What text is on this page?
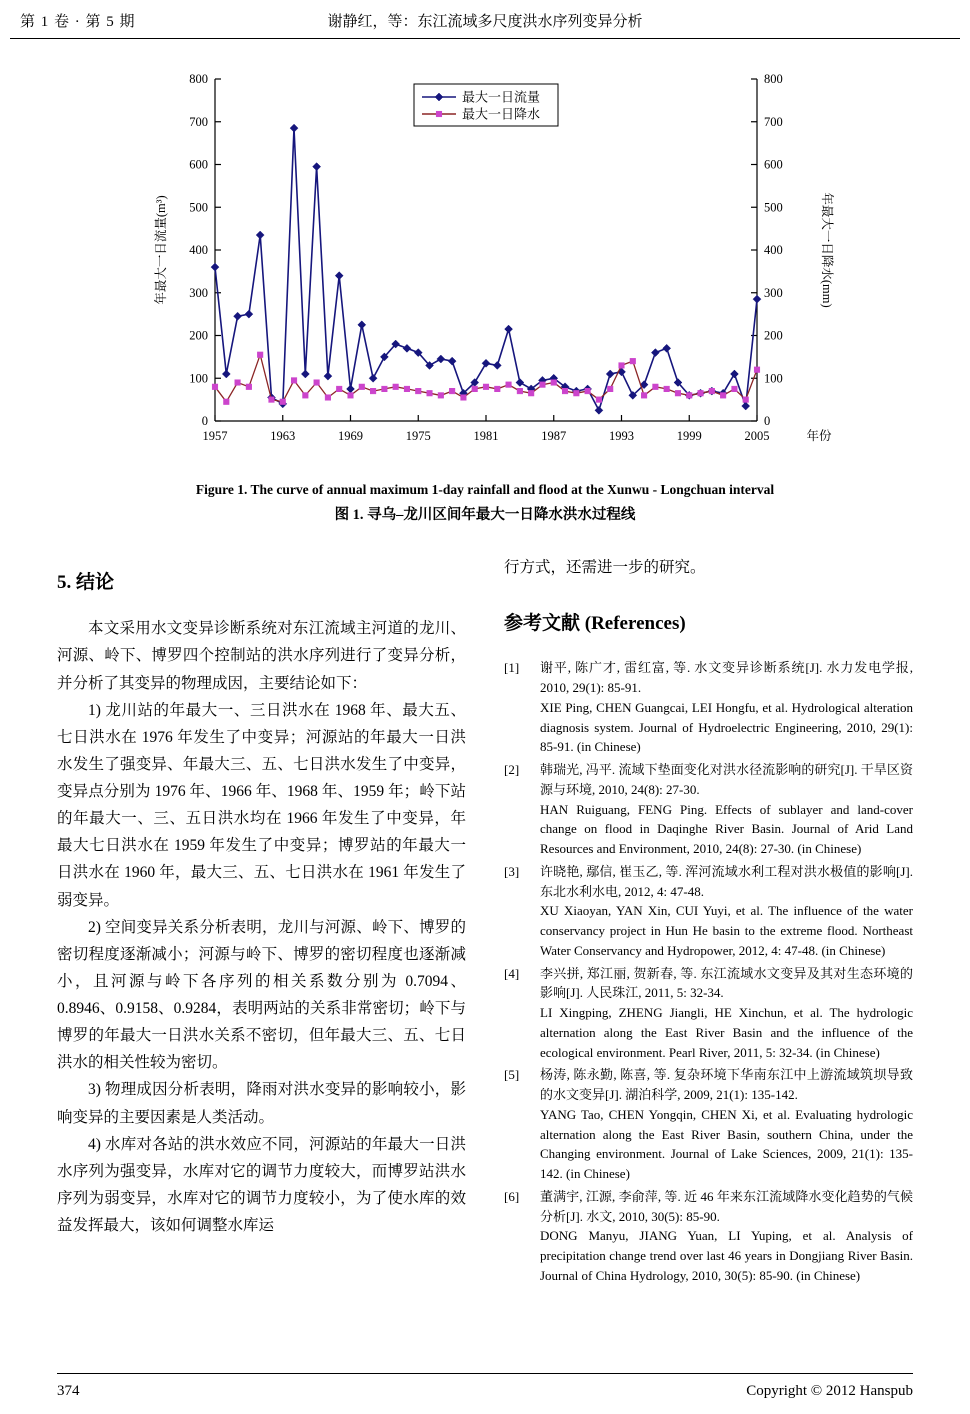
第 1 卷 · 第 5 期	谢静红，等：东江流域多尺度洪水序列变异分析
0	0
100	100
200	200
300	300
400	400
500	500
600	600
700	700
800	800
1957	1963	1969	1975	1981	1987	1993	1999	2005	年份
年最大一日流量(m³)	年最大一日降水(mm)
最大一日流量
最大一日降水
Figure 1. The curve of annual maximum 1-day rainfall and flood at the Xunwu - Longchuan interval
图 1. 寻乌–龙川区间年最大一日降水洪水过程线
5. 结论

本文采用水文变异诊断系统对东江流域主河道的龙川、河源、岭下、博罗四个控制站的洪水序列进行了变异分析，并分析了其变异的物理成因，主要结论如下：

1) 龙川站的年最大一、三日洪水在 1968 年、最大五、七日洪水在 1976 年发生了中变异；河源站的年最大一日洪水发生了强变异、年最大三、五、七日洪水发生了中变异，变异点分别为 1976 年、1966 年、1968 年、1959 年；岭下站的年最大一、三、五日洪水均在 1966 年发生了中变异，年最大七日洪水在 1959 年发生了中变异；博罗站的年最大一日洪水在 1960 年，最大三、五、七日洪水在 1961 年发生了弱变异。

2) 空间变异关系分析表明，龙川与河源、岭下、博罗的密切程度逐渐减小；河源与岭下、博罗的密切程度也逐渐减小，且河源与岭下各序列的相关系数分别为 0.7094、0.8946、0.9158、0.9284，表明两站的关系非常密切；岭下与博罗的年最大一日洪水关系不密切，但年最大三、五、七日洪水的相关性较为密切。

3) 物理成因分析表明，降雨对洪水变异的影响较小，影响变异的主要因素是人类活动。

4) 水库对各站的洪水效应不同，河源站的年最大一日洪水序列为强变异，水库对它的调节力度较大，而博罗站洪水序列为弱变异，水库对它的调节力度较小，为了使水库的效益发挥最大，该如何调整水库运

行方式，还需进一步的研究。

参考文献 (References)
[1]	谢平, 陈广才, 雷红富, 等. 水文变异诊断系统[J]. 水力发电学报, 2010, 29(1): 85-91.
XIE Ping, CHEN Guangcai, LEI Hongfu, et al. Hydrological alteration diagnosis system. Journal of Hydroelectric Engineering, 2010, 29(1): 85-91. (in Chinese)
[2]	韩瑞光, 冯平. 流域下垫面变化对洪水径流影响的研究[J]. 干旱区资源与环境, 2010, 24(8): 27-30.
HAN Ruiguang, FENG Ping. Effects of sublayer and land-cover change on flood in Daqinghe River Basin. Journal of Arid Land Resources and Environment, 2010, 24(8): 27-30. (in Chinese)
[3]	许晓艳, 鄢信, 崔玉乙, 等. 浑河流域水利工程对洪水极值的影响[J]. 东北水利水电, 2012, 4: 47-48.
XU Xiaoyan, YAN Xin, CUI Yuyi, et al. The influence of the water conservancy project in Hun He basin to the extreme flood. Northeast Water Conservancy and Hydropower, 2012, 4: 47-48. (in Chinese)
[4]	李兴拼, 郑江丽, 贺新春, 等. 东江流域水文变异及其对生态环境的影响[J]. 人民珠江, 2011, 5: 32-34.
LI Xingping, ZHENG Jiangli, HE Xinchun, et al. The hydrologic alternation along the East River Basin and the influence of the ecological environment. Pearl River, 2011, 5: 32-34. (in Chinese)
[5]	杨涛, 陈永勤, 陈喜, 等. 复杂环境下华南东江中上游流域筑坝导致的水文变异[J]. 湖泊科学, 2009, 21(1): 135-142.
YANG Tao, CHEN Yongqin, CHEN Xi, et al. Evaluating hydrologic alternation along the East River Basin, southern China, under the Changing environment. Journal of Lake Sciences, 2009, 21(1): 135-142. (in Chinese)
[6]	董满宇, 江源, 李俞萍, 等. 近 46 年来东江流域降水变化趋势的气候分析[J]. 水文, 2010, 30(5): 85-90.
DONG Manyu, JIANG Yuan, LI Yuping, et al. Analysis of precipitation change trend over last 46 years in Dongjiang River Basin. Journal of China Hydrology, 2010, 30(5): 85-90. (in Chinese)
374	Copyright © 2012 Hanspub
